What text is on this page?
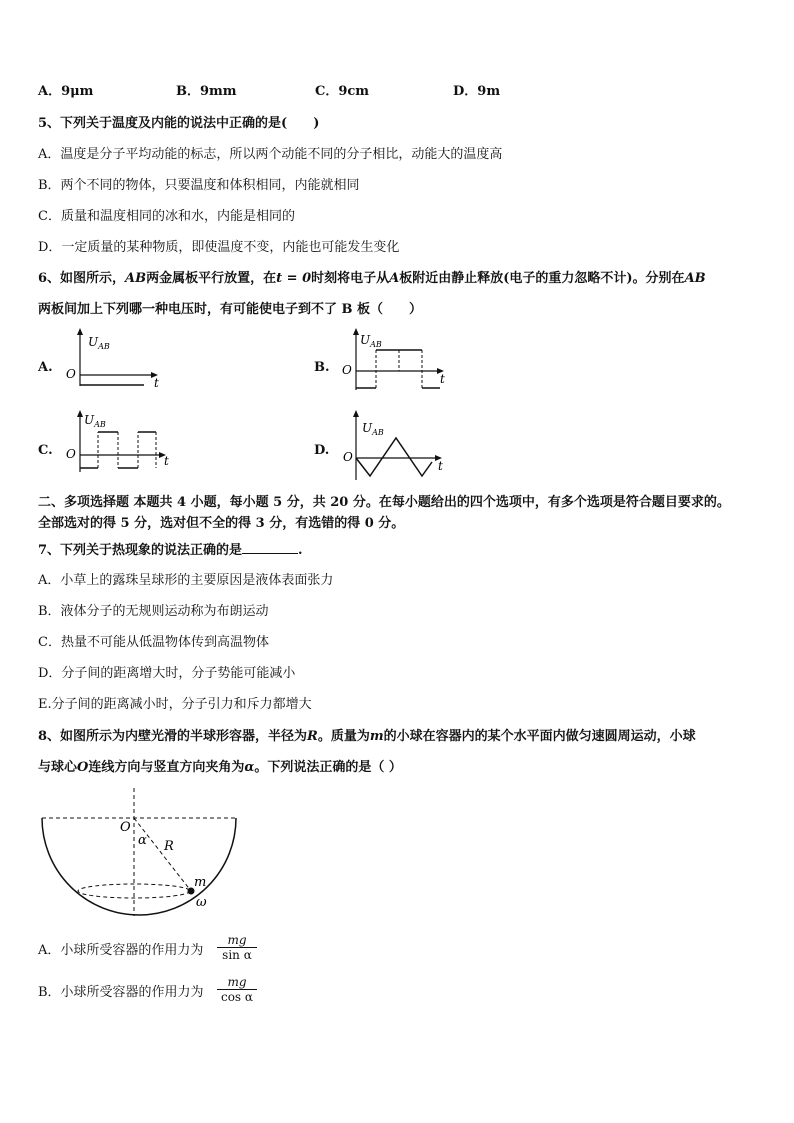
A．9μm	B．9mm	C．9cm	D．9m
5、下列关于温度及内能的说法中正确的是(　　)
A．温度是分子平均动能的标志，所以两个动能不同的分子相比，动能大的温度高
B．两个不同的物体，只要温度和体积相同，内能就相同
C．质量和温度相同的冰和水，内能是相同的
D．一定质量的某种物质，即使温度不变，内能也可能发生变化
6、如图所示，AB两金属板平行放置，在t = 0时刻将电子从A板附近由静止释放(电子的重力忽略不计)。分别在AB
两板间加上下列哪一种电压时，有可能使电子到不了 B 板（　　）
A.	B.
C.	D.
$U_{AB}$
O
t
$U_{AB}$
O
t
$U_{AB}$
O	t
$U_{AB}$
O
t
二、多项选择题 本题共 4 小题，每小题 5 分，共 20 分。在每小题给出的四个选项中，有多个选项是符合题目要求的。
全部选对的得 5 分，选对但不全的得 3 分，有选错的得 0 分。
7、下列关于热现象的说法正确的是	.
A．小草上的露珠呈球形的主要原因是液体表面张力
B．液体分子的无规则运动称为布朗运动
C．热量不可能从低温物体传到高温物体
D．分子间的距离增大时，分子势能可能减小
E.分子间的距离减小时，分子引力和斥力都增大
8、如图所示为内壁光滑的半球形容器，半径为R。质量为m的小球在容器内的某个水平面内做匀速圆周运动，小球
与球心O连线方向与竖直方向夹角为α。下列说法正确的是（ ）
O
α R
m
ω
A．小球所受容器的作用力为 $\frac{mg}{\text{sin α}}$
B．小球所受容器的作用力为 $\frac{mg}{\text{cos α}}$
